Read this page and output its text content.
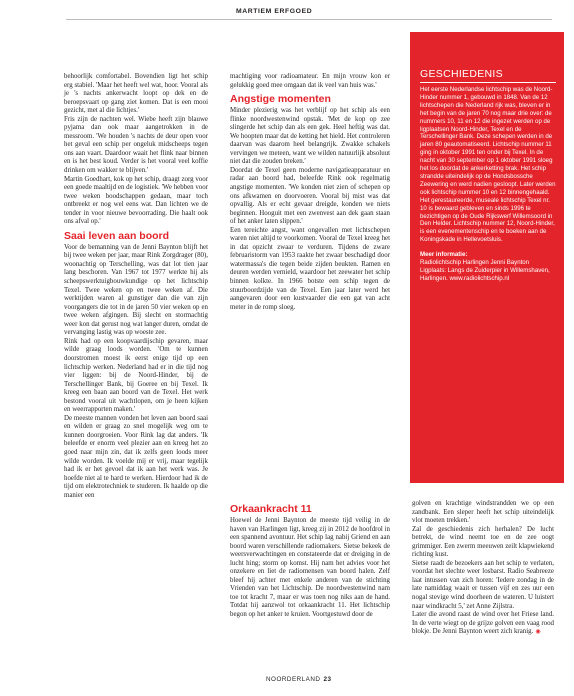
MARTIEM ERFGOED

behoorlijk comfortabel. Bovendien ligt het schip erg stabiel. 'Maar het heeft wel wat, hoor. Vooral als je 's nachts ankerwacht loopt op dek en de beroepsvaart op gang ziet komen. Dat is een mooi gezicht, met al die lichtjes.'

Fris zijn de nachten wel. Wiebe heeft zijn blauwe pyjama dan ook maar aangetrokken in de messroom. 'We houden 's nachts de deur open voor het geval een schip per ongeluk midscheeps tegen ons aan vaart. Daardoor waait het flink naar binnen en is het best koud. Verder is het vooral veel koffie drinken om wakker te blijven.'

Martin Goedhart, kok op het schip, draagt zorg voor een goede maaltijd en de logistiek. 'We hebben voor twee weken boodschappen gedaan, maar toch ontbreekt er nog wel eens wat. Dan lichten we de tender in voor nieuwe bevoorrading. Die haalt ook ons afval op.'

Saai leven aan boord

Voor de bemanning van de Jenni Baynton blijft het bij twee weken per jaar, maar Rink Zorgdrager (80), woonachtig op Terschelling, was dat lot tien jaar lang beschoren. Van 1967 tot 1977 werkte hij als scheepswerktuigbouwkundige op het lichtschip Texel. Twee weken op en twee weken af. Die werktijden waren al gunstiger dan die van zijn voorgangers die tot in de jaren 50 vier weken op en twee weken afgingen. Bij slecht en stormachtig weer kon dat gerust nog wat langer duren, omdat de vervanging lastig was op woeste zee.

Rink had op een koopvaardijschip gevaren, maar wilde graag loods worden. 'Om te kunnen doorstromen moest ik eerst enige tijd op een lichtschip werken. Nederland had er in die tijd nog vier liggen: bij de Noord-Hinder, bij de Terschellinger Bank, bij Goeree en bij Texel. Ik kreeg een baan aan boord van de Texel. Het werk bestond vooral uit wachtlopen, om je heen kijken en weerrapporten maken.'

De meeste mannen vonden het leven aan boord saai en wilden er graag zo snel mogelijk weg om te kunnen doorgroeien. Voor Rink lag dat anders. 'Ik beleefde er enorm veel plezier aan en kreeg het zo goed naar mijn zin, dat ik zelfs geen loods meer wilde worden. Ik voelde mij er vrij, maar tegelijk had ik er het gevoel dat ik aan het werk was. Je hoefde niet al te hard te werken. Hierdoor had ik de tijd om elektrotechniek te studeren. Ik haalde op die manier een

machtiging voor radioamateur. En mijn vrouw kon er gelukkig goed mee omgaan dat ik veel van huis was.'

Angstige momenten

Minder plezierig was het verblijf op het schip als een flinke noordwestenwind opstak. 'Met de kop op zee slingerde het schip dan als een gek. Heel heftig was dat. We hoopten maar dat de ketting het hield. Het controleren daarvan was daarom heel belangrijk. Zwakke schakels vervingen we meteen, want we wilden natuurlijk absoluut niet dat die zouden breken.'

Doordat de Texel geen moderne navigatieapparatuur en radar aan boord had, beleefde Rink ook regelmatig angstige momenten. 'We konden niet zien of schepen op ons afkwamen en doorvoeren. Vooral bij mist was dat opvallig. Als er echt gevaar dreigde, konden we niets beginnen. Hooguit met een zwenvest aan dek gaan staan of het anker laten slippen.'

Een tereichte angst, want ongevallen met lichtschepen waren niet altijd te voorkomen. Vooral de Texel kreeg het in dat opzicht zwaar te verduren. Tijdens de zware februaristorm van 1953 raakte het zwaar beschadigd door watermassa's die tegen beide zijden beukten. Ramen en deuren werden vernield, waardoor het zeewater het schip binnen kolkte. In 1966 botste een schip tegen de stuurboordzijde van de Texel. Een jaar later werd het aangevaren door een kustvaarder die een gat van acht meter in de romp sloeg.

Orkaankracht 11

Hoewel de Jenni Baynton de meeste tijd veilig in de haven van Harlingen ligt, kreeg zij in 2012 de hoofdrol in een spannend avontuur. Het schip lag nabij Griend en aan boord waren verschillende radiomakers. Sietse bekeek de weersverwachtingen en constateerde dat er dreiging in de lucht hing; storm op komst. Hij nam het advies voor het onzekere en liet de radiomensen van boord halen. Zelf bleef hij achter met enkele anderen van de stichting Vrienden van het Lichtschip. De noordwestenwind nam toe tot kracht 7, maar er was toen nog niks aan de hand. Totdat hij aanzwol tot orkaankracht 11. Het lichtschip begon op het anker te kruien. Voortgestuwd door de

GESCHIEDENIS
Het eerste Nederlandse lichtschip was de Noord-Hinder nummer 1, gebouwd in 1848. Van de 12 lichtschepen die Nederland rijk was, bleven er in het begin van de jaren 70 nog maar drie over: de nummers 10, 11 en 12 die ingezet werden op de ligplaatsen Noord-Hinder, Texel en de Terschellinger Bank. Deze schepen werden in de jaren 80 geautomatiseerd. Lichtschip nummer 11 ging in oktober 1991 ten onder bij Texel. In de nacht van 30 september op 1 oktober 1991 sloeg het los doordat de ankerketting brak. Het schip strandde uiteindelijk op de Hondsbossche Zeewering en werd nadien gesloopt. Later werden ook lichtschip nummer 10 en 12 binnengehaald. Het gerestaureerde, museale lichtschip Texel nr. 10 is bewaard gebleven en sinds 1996 te bezichtigen op de Oude Rijkswerf Willemsoord in Den Helder. Lichtschip nummer 12, Noord-Hinder, is een evenementenschip en te boeken aan de Koningskade in Hellevoetsluis.
Meer informatie:
Radiolichtschip Harlingen Jenni Baynton Ligplaats: Langs de Zuiderpier in Willemshaven, Harlingen. www.radiolichtschip.nl

golven en krachtige windstrandden we op een zandbank. Een sleper heeft het schip uiteindelijk vlot moeten trekken.'

Zal de geschiedenis zich herhalen? De lucht betrekt, de wind neemt toe en de zee oogt grimmiger. Een zwerm meeuwen zeilt klapwiekend richting kust.

Sietse raadt de bezoekers aan het schip te verlaten, voordat het slechte weer losbarst. Radio Seabreeze laat intussen van zich horen: 'Iedere zondag in de late namiddag waait er tussen vijf en zes uur een nogal stevige wind doorheen de wateren. U luistert naar windkracht 5,' zet Anne Zijlstra.

Later die avond raast de wind over het Friese land. In de verte wiegt op de grijze golven een vaag rood blokje. De Jenni Baynton weert zich kranig. ◉

NOORDERLAND 23
